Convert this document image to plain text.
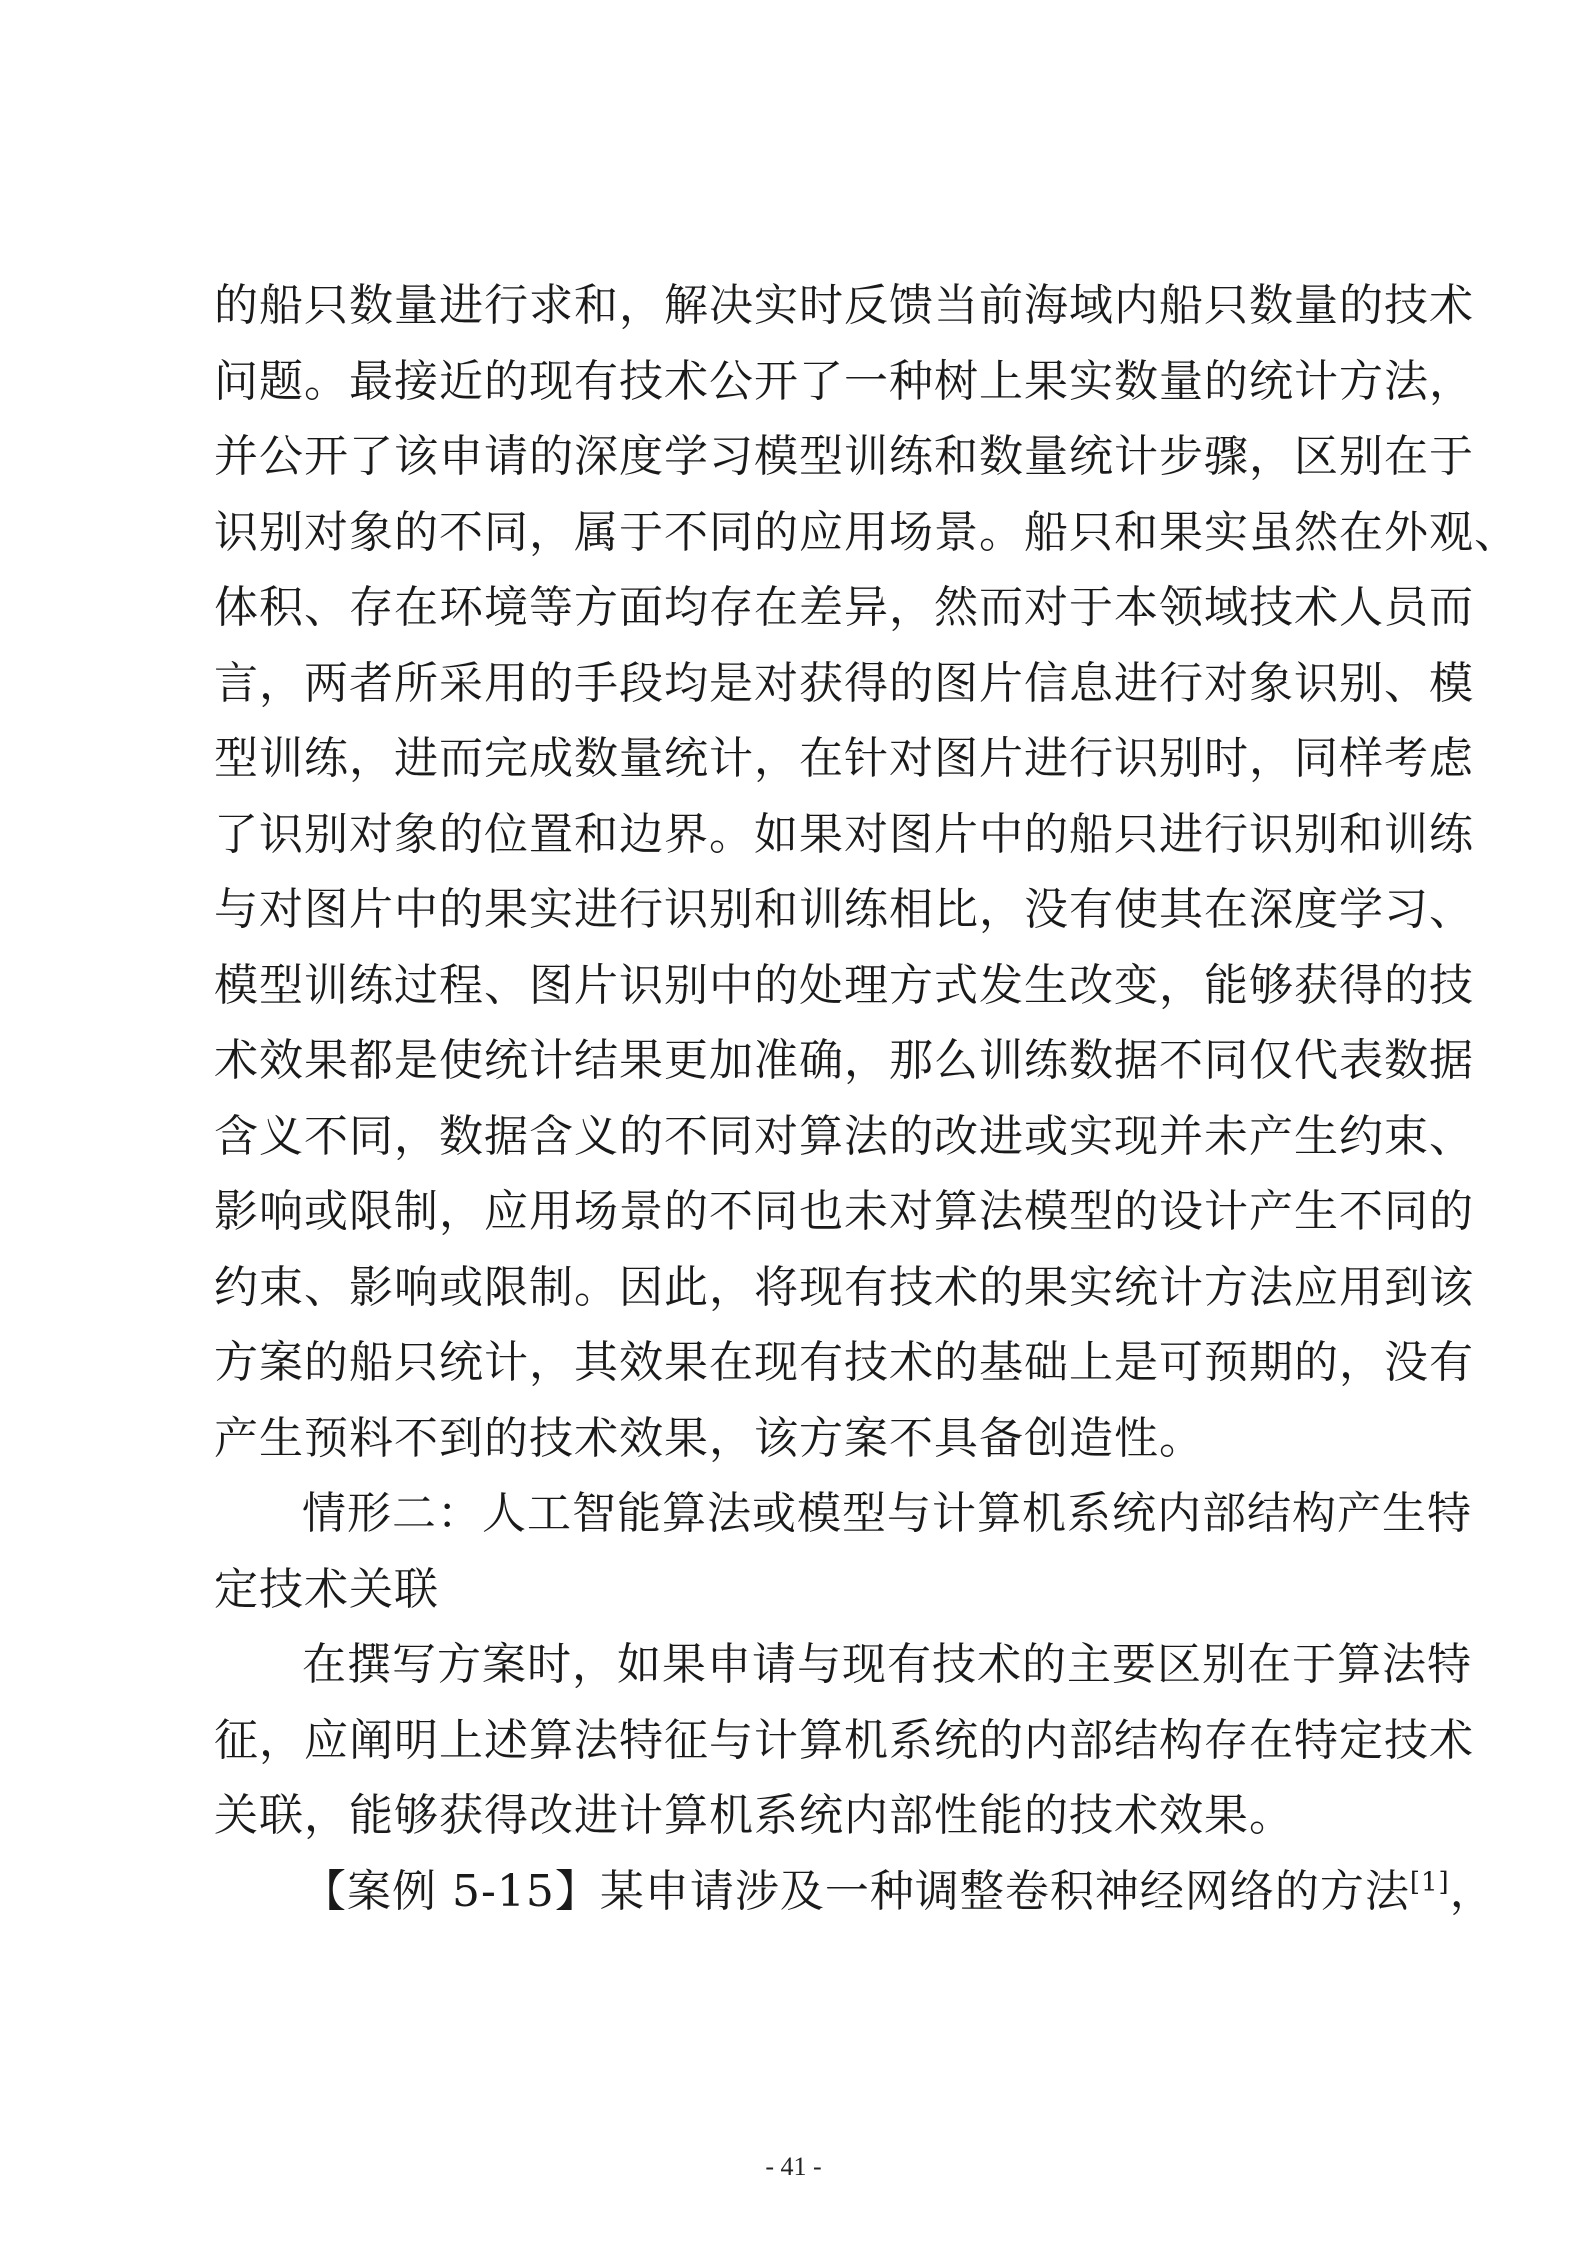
的船只数量进行求和，解决实时反馈当前海域内船只数量的技术
问题。最接近的现有技术公开了一种树上果实数量的统计方法，
并公开了该申请的深度学习模型训练和数量统计步骤，区别在于
识别对象的不同，属于不同的应用场景。船只和果实虽然在外观、
体积、存在环境等方面均存在差异，然而对于本领域技术人员而
言，两者所采用的手段均是对获得的图片信息进行对象识别、模
型训练，进而完成数量统计，在针对图片进行识别时，同样考虑
了识别对象的位置和边界。如果对图片中的船只进行识别和训练
与对图片中的果实进行识别和训练相比，没有使其在深度学习、
模型训练过程、图片识别中的处理方式发生改变，能够获得的技
术效果都是使统计结果更加准确，那么训练数据不同仅代表数据
含义不同，数据含义的不同对算法的改进或实现并未产生约束、
影响或限制，应用场景的不同也未对算法模型的设计产生不同的
约束、影响或限制。因此，将现有技术的果实统计方法应用到该
方案的船只统计，其效果在现有技术的基础上是可预期的，没有
产生预料不到的技术效果，该方案不具备创造性。
情形二：人工智能算法或模型与计算机系统内部结构产生特
定技术关联
在撰写方案时，如果申请与现有技术的主要区别在于算法特
征，应阐明上述算法特征与计算机系统的内部结构存在特定技术
关联，能够获得改进计算机系统内部性能的技术效果。
【案例 5-15】某申请涉及一种调整卷积神经网络的方法[1]，
- 41 -
